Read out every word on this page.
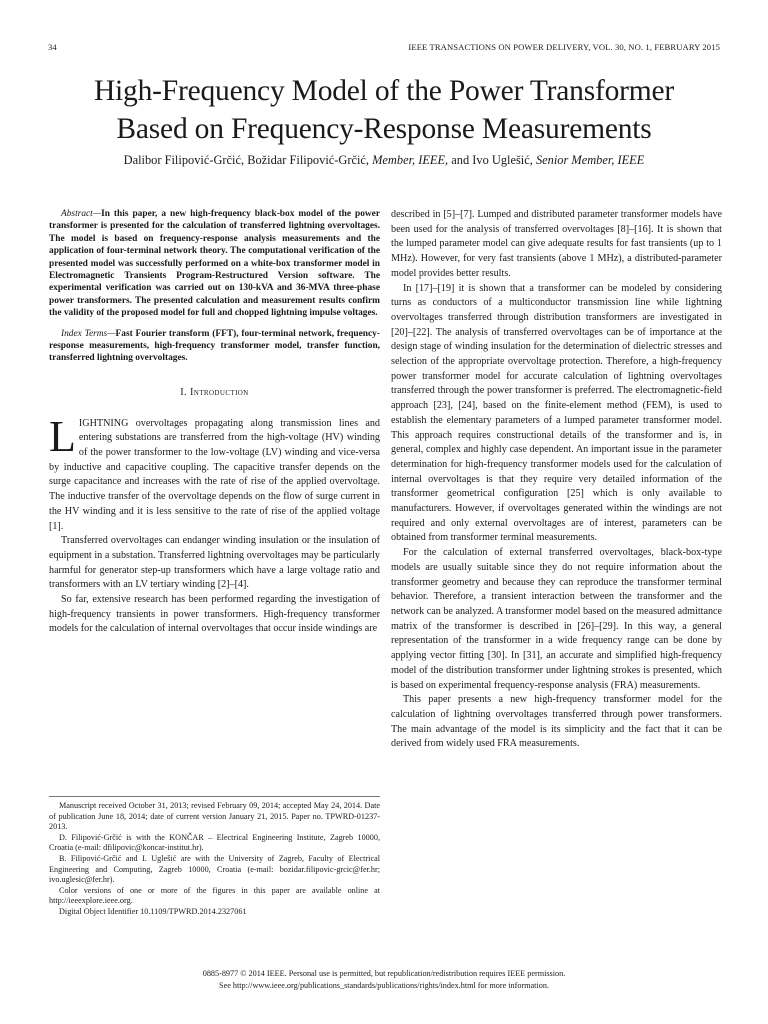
34	IEEE TRANSACTIONS ON POWER DELIVERY, VOL. 30, NO. 1, FEBRUARY 2015
High-Frequency Model of the Power Transformer
Based on Frequency-Response Measurements
Dalibor Filipović-Grčić, Božidar Filipović-Grčić, Member, IEEE, and Ivo Uglešić, Senior Member, IEEE

Abstract—In this paper, a new high-frequency black-box model of the power transformer is presented for the calculation of transferred lightning overvoltages. The model is based on frequency-response analysis measurements and the application of four-terminal network theory. The computational verification of the presented model was successfully performed on a white-box transformer model in Electromagnetic Transients Program-Restructured Version software. The experimental verification was carried out on 130-kVA and 36-MVA three-phase power transformers. The presented calculation and measurement results confirm the validity of the proposed model for full and chopped lightning impulse voltages.

Index Terms—Fast Fourier transform (FFT), four-terminal network, frequency-response measurements, high-frequency transformer model, transfer function, transferred lightning overvoltages.

I. Introduction

LIGHTNING overvoltages propagating along transmission lines and entering substations are transferred from the high-voltage (HV) winding of the power transformer to the low-voltage (LV) winding and vice-versa by inductive and capacitive coupling. The capacitive transfer depends on the surge capacitance and increases with the rate of rise of the applied overvoltage. The inductive transfer of the overvoltage depends on the flow of surge current in the HV winding and it is less sensitive to the rate of rise of the applied voltage [1].

Transferred overvoltages can endanger winding insulation or the insulation of equipment in a substation. Transferred lightning overvoltages may be particularly harmful for generator step-up transformers which have a large voltage ratio and transformers with an LV tertiary winding [2]–[4].

So far, extensive research has been performed regarding the investigation of high-frequency transients in power transformers. High-frequency transformer models for the calculation of internal overvoltages that occur inside windings are

Manuscript received October 31, 2013; revised February 09, 2014; accepted May 24, 2014. Date of publication June 18, 2014; date of current version January 21, 2015. Paper no. TPWRD-01237-2013.

D. Filipović-Grčić is with the KONČAR – Electrical Engineering Institute, Zagreb 10000, Croatia (e-mail: dfilipovic@koncar-institut.hr).

B. Filipović-Grčić and I. Uglešić are with the University of Zagreb, Faculty of Electrical Engineering and Computing, Zagreb 10000, Croatia (e-mail: bozidar.filipovic-grcic@fer.hr; ivo.uglesic@fer.hr).

Color versions of one or more of the figures in this paper are available online at http://ieeexplore.ieee.org.

Digital Object Identifier 10.1109/TPWRD.2014.2327061

described in [5]–[7]. Lumped and distributed parameter transformer models have been used for the analysis of transferred overvoltages [8]–[16]. It is shown that the lumped parameter model can give adequate results for fast transients (up to 1 MHz). However, for very fast transients (above 1 MHz), a distributed-parameter model provides better results.

In [17]–[19] it is shown that a transformer can be modeled by considering turns as conductors of a multiconductor transmission line while lightning overvoltages transferred through distribution transformers are investigated in [20]–[22]. The analysis of transferred overvoltages can be of importance at the design stage of winding insulation for the determination of dielectric stresses and selection of the appropriate overvoltage protection. Therefore, a high-frequency power transformer model for accurate calculation of lightning overvoltages transferred through the power transformer is preferred. The electromagnetic-field approach [23], [24], based on the finite-element method (FEM), is used to establish the elementary parameters of a lumped parameter transformer model. This approach requires constructional details of the transformer and is, in general, complex and highly case dependent. An important issue in the parameter determination for high-frequency transformer models used for the calculation of internal overvoltages is that they require very detailed information of the transformer geometrical configuration [25] which is only available to manufacturers. However, if overvoltages generated within the windings are not required and only external overvoltages are of interest, parameters can be obtained from transformer terminal measurements.

For the calculation of external transferred overvoltages, black-box-type models are usually suitable since they do not require information about the transformer geometry and because they can reproduce the transformer terminal behavior. Therefore, a transient interaction between the transformer and the network can be analyzed. A transformer model based on the measured admittance matrix of the transformer is described in [26]–[29]. In this way, a general representation of the transformer in a wide frequency range can be done by applying vector fitting [30]. In [31], an accurate and simplified high-frequency model of the distribution transformer under lightning strokes is presented, which is based on experimental frequency-response analysis (FRA) measurements.

This paper presents a new high-frequency transformer model for the calculation of lightning overvoltages transferred through power transformers. The main advantage of the model is its simplicity and the fact that it can be derived from widely used FRA measurements.

0885-8977 © 2014 IEEE. Personal use is permitted, but republication/redistribution requires IEEE permission.
See http://www.ieee.org/publications_standards/publications/rights/index.html for more information.
